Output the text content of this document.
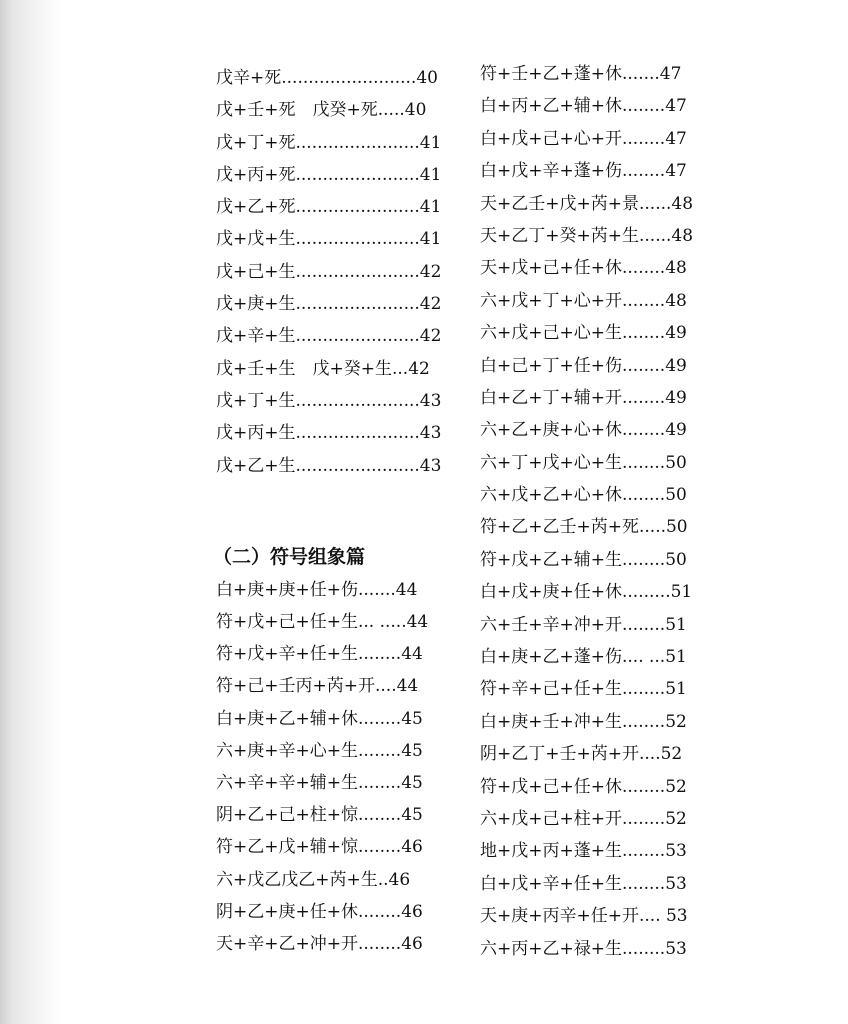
戊辛+死.........................40
戊+壬+死　戊癸+死.....40
戊+丁+死.......................41
戊+丙+死.......................41
戊+乙+死.......................41
戊+戊+生.......................41
戊+己+生.......................42
戊+庚+生.......................42
戊+辛+生.......................42
戊+壬+生　戊+癸+生...42
戊+丁+生.......................43
戊+丙+生.......................43
戊+乙+生.......................43
（二）符号组象篇
白+庚+庚+任+伤.......44
符+戊+己+任+生... .....44
符+戊+辛+任+生........44
符+己+壬丙+芮+开....44
白+庚+乙+辅+休........45
六+庚+辛+心+生........45
六+辛+辛+辅+生........45
阴+乙+己+柱+惊........45
符+乙+戊+辅+惊........46
六+戊乙戊乙+芮+生..46
阴+乙+庚+任+休........46
天+辛+乙+冲+开........46
符+壬+乙+蓬+休.......47
白+丙+乙+辅+休........47
白+戊+己+心+开........47
白+戊+辛+蓬+伤........47
天+乙壬+戊+芮+景......48
天+乙丁+癸+芮+生......48
天+戊+己+任+休........48
六+戊+丁+心+开........48
六+戊+己+心+生........49
白+己+丁+任+伤........49
白+乙+丁+辅+开........49
六+乙+庚+心+休........49
六+丁+戊+心+生........50
六+戊+乙+心+休........50
符+乙+乙壬+芮+死.....50
符+戊+乙+辅+生........50
白+戊+庚+任+休.........51
六+壬+辛+冲+开........51
白+庚+乙+蓬+伤.... ...51
符+辛+己+任+生........51
白+庚+壬+冲+生........52
阴+乙丁+壬+芮+开....52
符+戊+己+任+休........52
六+戊+己+柱+开........52
地+戊+丙+蓬+生........53
白+戊+辛+任+生........53
天+庚+丙辛+任+开.... 53
六+丙+乙+禄+生........53
